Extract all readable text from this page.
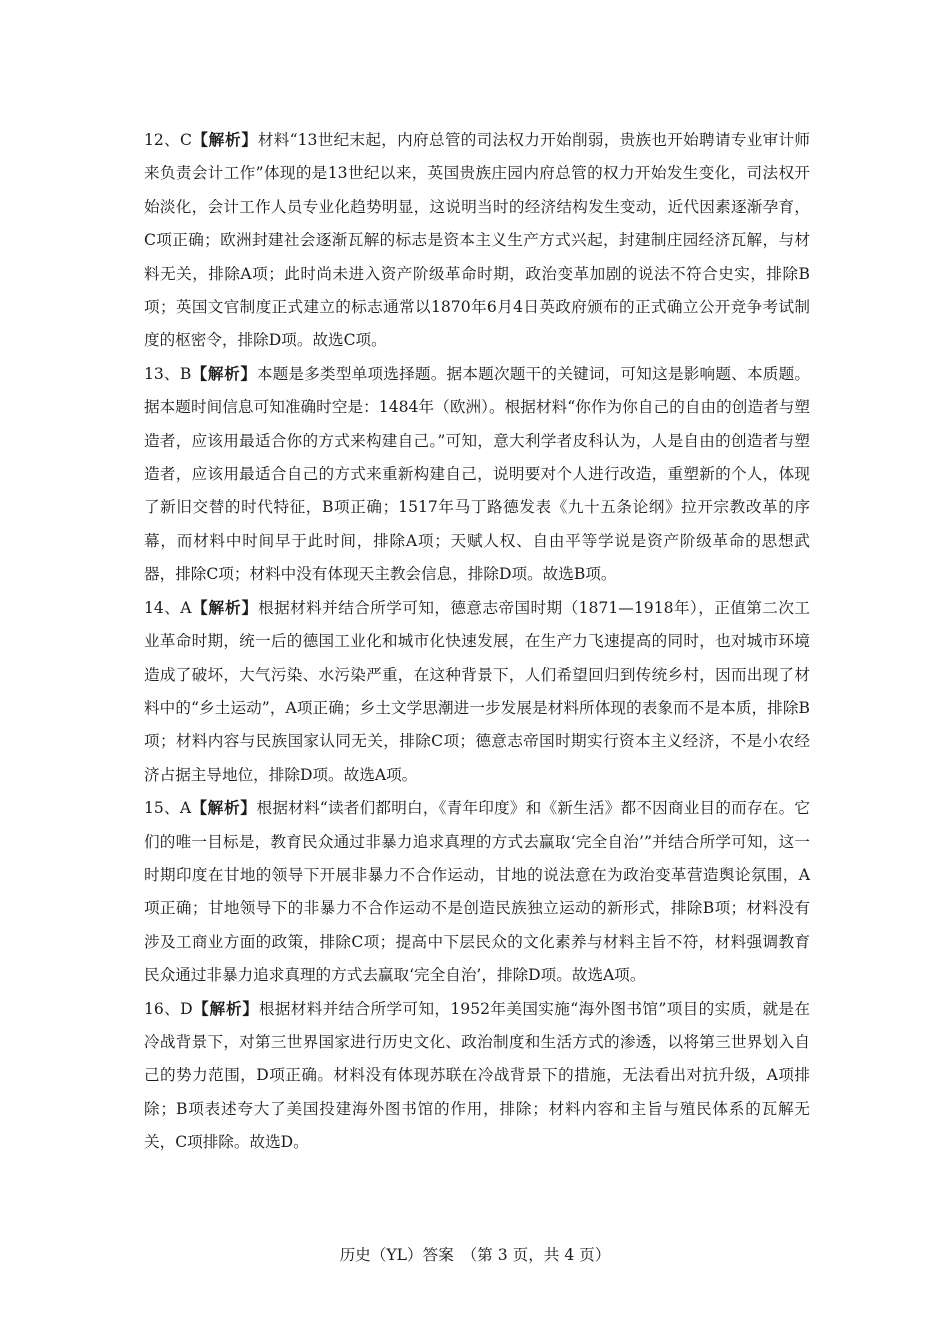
12、C【解析】材料“13世纪末起，内府总管的司法权力开始削弱，贵族也开始聘请专业审计师来负责会计工作”体现的是13世纪以来，英国贵族庄园内府总管的权力开始发生变化，司法权开始淡化，会计工作人员专业化趋势明显，这说明当时的经济结构发生变动，近代因素逐渐孕育，C项正确；欧洲封建社会逐渐瓦解的标志是资本主义生产方式兴起，封建制庄园经济瓦解，与材料无关，排除A项；此时尚未进入资产阶级革命时期，政治变革加剧的说法不符合史实，排除B项；英国文官制度正式建立的标志通常以1870年6月4日英政府颁布的正式确立公开竞争考试制度的枢密令，排除D项。故选C项。

13、B【解析】本题是多类型单项选择题。据本题次题干的关键词，可知这是影响题、本质题。据本题时间信息可知准确时空是：1484年（欧洲）。根据材料“你作为你自己的自由的创造者与塑造者，应该用最适合你的方式来构建自己。”可知，意大利学者皮科认为，人是自由的创造者与塑造者，应该用最适合自己的方式来重新构建自己，说明要对个人进行改造，重塑新的个人，体现了新旧交替的时代特征，B项正确；1517年马丁路德发表《九十五条论纲》拉开宗教改革的序幕，而材料中时间早于此时间，排除A项；天赋人权、自由平等学说是资产阶级革命的思想武器，排除C项；材料中没有体现天主教会信息，排除D项。故选B项。

14、A【解析】根据材料并结合所学可知，德意志帝国时期（1871—1918年），正值第二次工业革命时期，统一后的德国工业化和城市化快速发展，在生产力飞速提高的同时，也对城市环境造成了破坏，大气污染、水污染严重，在这种背景下，人们希望回归到传统乡村，因而出现了材料中的“乡土运动”，A项正确；乡土文学思潮进一步发展是材料所体现的表象而不是本质，排除B项；材料内容与民族国家认同无关，排除C项；德意志帝国时期实行资本主义经济，不是小农经济占据主导地位，排除D项。故选A项。

15、A【解析】根据材料“读者们都明白，《青年印度》和《新生活》都不因商业目的而存在。它们的唯一目标是，教育民众通过非暴力追求真理的方式去赢取‘完全自治’”并结合所学可知，这一时期印度在甘地的领导下开展非暴力不合作运动，甘地的说法意在为政治变革营造舆论氛围，A项正确；甘地领导下的非暴力不合作运动不是创造民族独立运动的新形式，排除B项；材料没有涉及工商业方面的政策，排除C项；提高中下层民众的文化素养与材料主旨不符，材料强调教育民众通过非暴力追求真理的方式去赢取‘完全自治’，排除D项。故选A项。

16、D【解析】根据材料并结合所学可知，1952年美国实施“海外图书馆”项目的实质，就是在冷战背景下，对第三世界国家进行历史文化、政治制度和生活方式的渗透，以将第三世界划入自己的势力范围，D项正确。材料没有体现苏联在冷战背景下的措施，无法看出对抗升级，A项排除；B项表述夸大了美国投建海外图书馆的作用，排除；材料内容和主旨与殖民体系的瓦解无关，C项排除。故选D。

历史（YL）答案　（第 3 页，共 4 页）
